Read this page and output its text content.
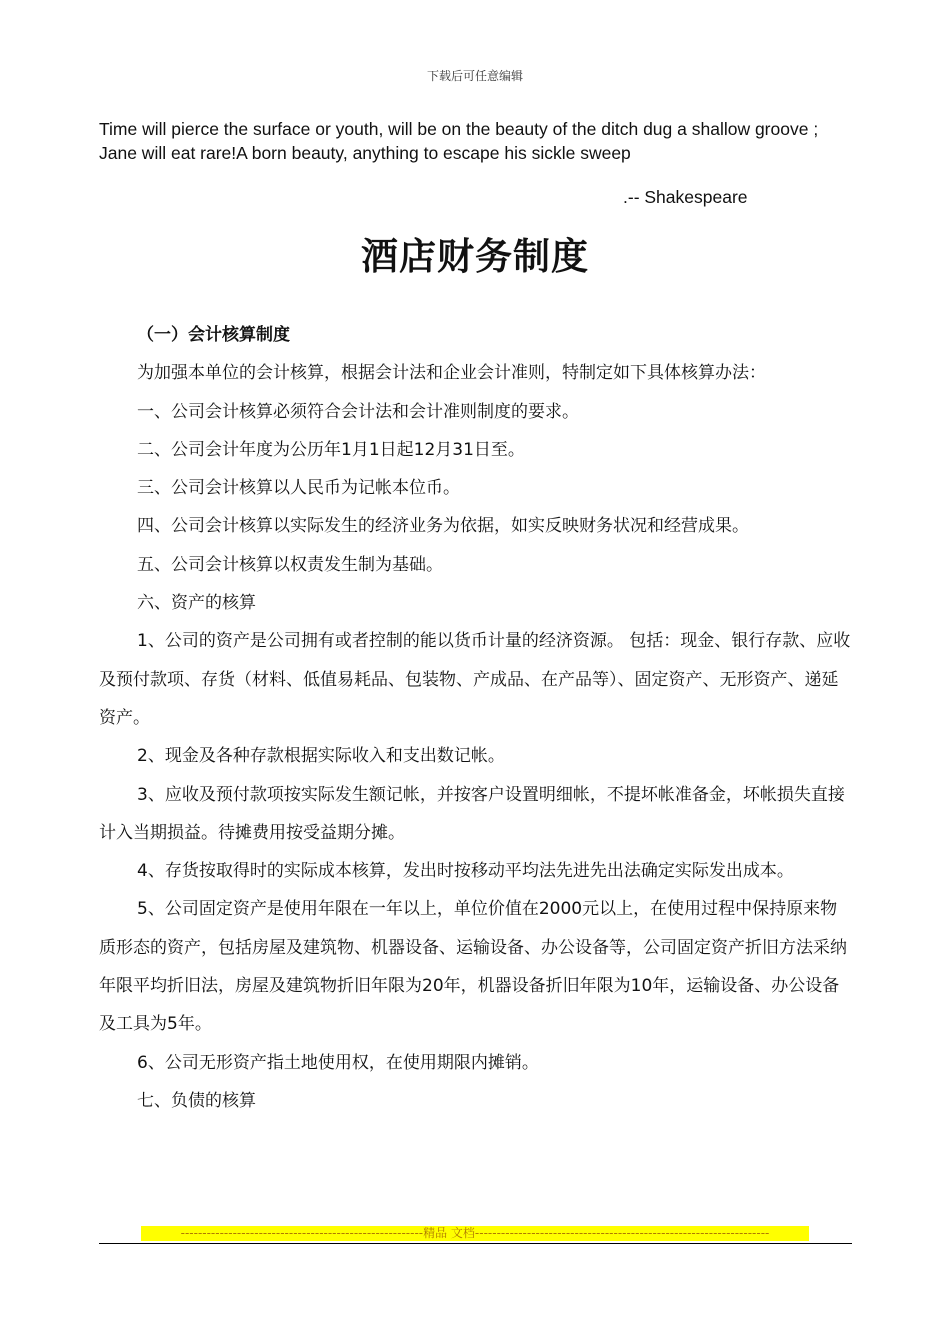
下载后可任意编辑
Time will pierce the surface or youth, will be on the beauty of the ditch dug a shallow groove ; Jane will eat rare!A born beauty, anything to escape his sickle sweep
.-- Shakespeare
酒店财务制度

（一）会计核算制度

为加强本单位的会计核算，根据会计法和企业会计准则，特制定如下具体核算办法：

一、公司会计核算必须符合会计法和会计准则制度的要求。

二、公司会计年度为公历年1月1日起12月31日至。

三、公司会计核算以人民币为记帐本位币。

四、公司会计核算以实际发生的经济业务为依据，如实反映财务状况和经营成果。

五、公司会计核算以权责发生制为基础。

六、资产的核算

1、公司的资产是公司拥有或者控制的能以货币计量的经济资源。 包括：现金、银行存款、应收及预付款项、存货（材料、低值易耗品、包装物、产成品、在产品等）、固定资产、无形资产、递延资产。

2、现金及各种存款根据实际收入和支出数记帐。

3、应收及预付款项按实际发生额记帐，并按客户设置明细帐，不提坏帐准备金，坏帐损失直接计入当期损益。待摊费用按受益期分摊。

4、存货按取得时的实际成本核算，发出时按移动平均法先进先出法确定实际发出成本。

5、公司固定资产是使用年限在一年以上，单位价值在2000元以上，在使用过程中保持原来物质形态的资产，包括房屋及建筑物、机器设备、运输设备、办公设备等，公司固定资产折旧方法采纳年限平均折旧法，房屋及建筑物折旧年限为20年，机器设备折旧年限为10年，运输设备、办公设备及工具为5年。

6、公司无形资产指土地使用权，在使用期限内摊销。

七、负债的核算

--------------------------------------------------------精品 文档--------------------------------------------------------------------
